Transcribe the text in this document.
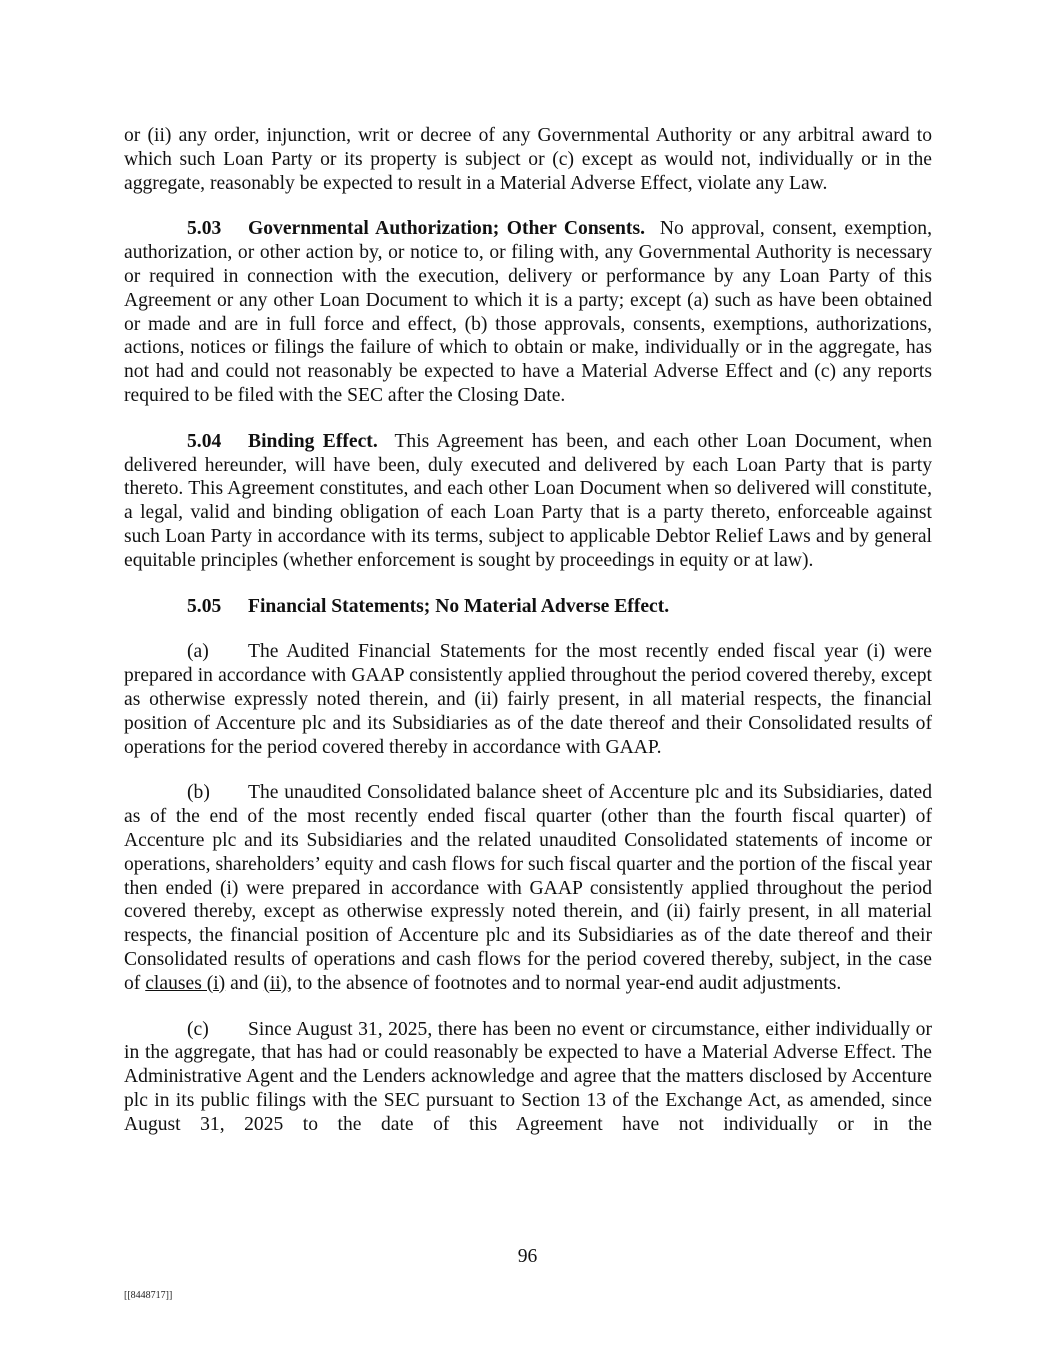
or (ii) any order, injunction, writ or decree of any Governmental Authority or any arbitral award to which such Loan Party or its property is subject or (c) except as would not, individually or in the aggregate, reasonably be expected to result in a Material Adverse Effect, violate any Law.

5.03 Governmental Authorization; Other Consents. No approval, consent, exemption, authorization, or other action by, or notice to, or filing with, any Governmental Authority is necessary or required in connection with the execution, delivery or performance by any Loan Party of this Agreement or any other Loan Document to which it is a party; except (a) such as have been obtained or made and are in full force and effect, (b) those approvals, consents, exemptions, authorizations, actions, notices or filings the failure of which to obtain or make, individually or in the aggregate, has not had and could not reasonably be expected to have a Material Adverse Effect and (c) any reports required to be filed with the SEC after the Closing Date.

5.04 Binding Effect. This Agreement has been, and each other Loan Document, when delivered hereunder, will have been, duly executed and delivered by each Loan Party that is party thereto. This Agreement constitutes, and each other Loan Document when so delivered will constitute, a legal, valid and binding obligation of each Loan Party that is a party thereto, enforceable against such Loan Party in accordance with its terms, subject to applicable Debtor Relief Laws and by general equitable principles (whether enforcement is sought by proceedings in equity or at law).

5.05 Financial Statements; No Material Adverse Effect.

(a) The Audited Financial Statements for the most recently ended fiscal year (i) were prepared in accordance with GAAP consistently applied throughout the period covered thereby, except as otherwise expressly noted therein, and (ii) fairly present, in all material respects, the financial position of Accenture plc and its Subsidiaries as of the date thereof and their Consolidated results of operations for the period covered thereby in accordance with GAAP.

(b) The unaudited Consolidated balance sheet of Accenture plc and its Subsidiaries, dated as of the end of the most recently ended fiscal quarter (other than the fourth fiscal quarter) of Accenture plc and its Subsidiaries and the related unaudited Consolidated statements of income or operations, shareholders’ equity and cash flows for such fiscal quarter and the portion of the fiscal year then ended (i) were prepared in accordance with GAAP consistently applied throughout the period covered thereby, except as otherwise expressly noted therein, and (ii) fairly present, in all material respects, the financial position of Accenture plc and its Subsidiaries as of the date thereof and their Consolidated results of operations and cash flows for the period covered thereby, subject, in the case of clauses (i) and (ii), to the absence of footnotes and to normal year-end audit adjustments.

(c) Since August 31, 2025, there has been no event or circumstance, either individually or in the aggregate, that has had or could reasonably be expected to have a Material Adverse Effect. The Administrative Agent and the Lenders acknowledge and agree that the matters disclosed by Accenture plc in its public filings with the SEC pursuant to Section 13 of the Exchange Act, as amended, since August 31, 2025 to the date of this Agreement have not individually or in the

96
[[8448717]]
